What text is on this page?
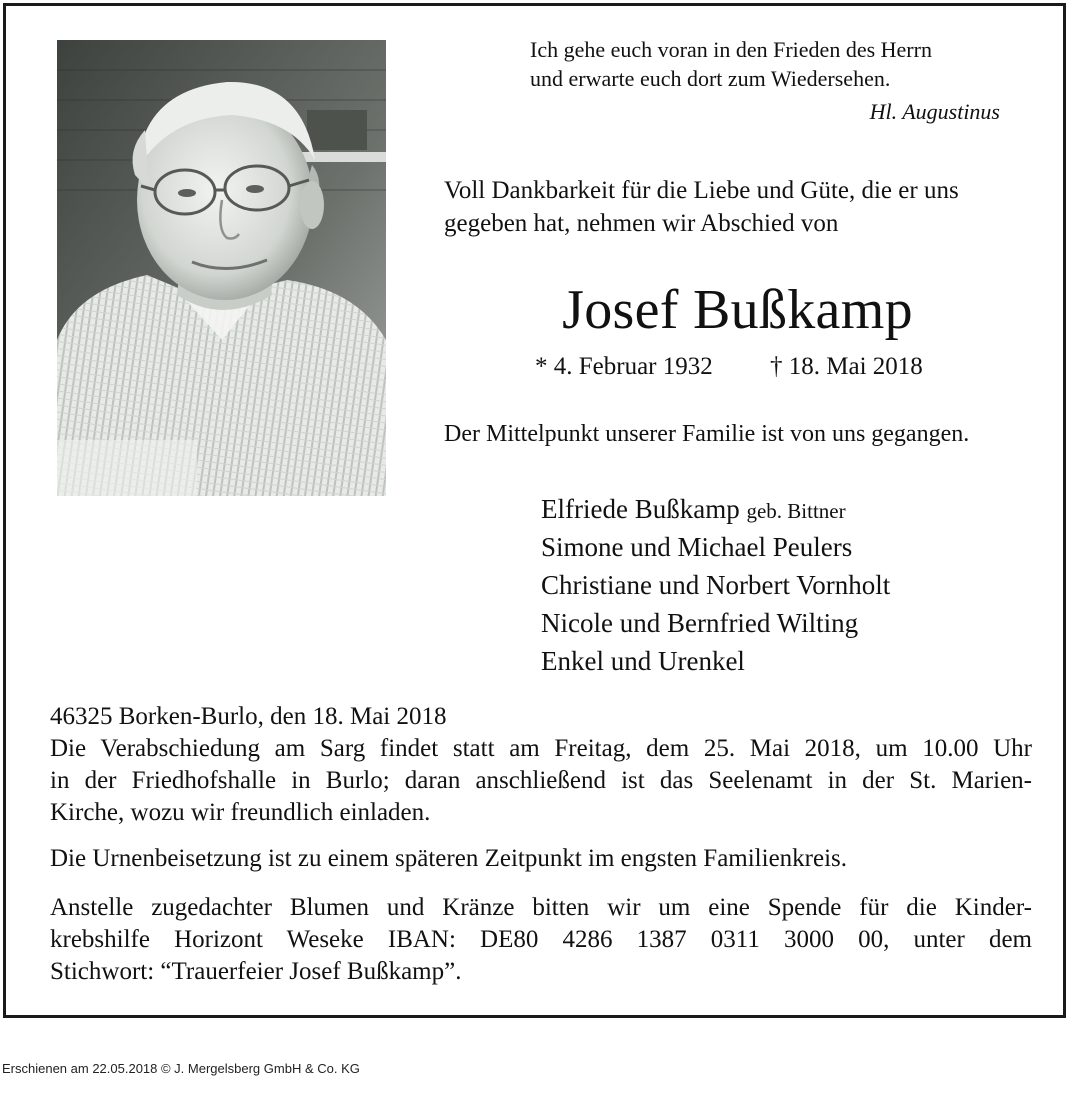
Ich gehe euch voran in den Frieden des Herrn
und erwarte euch dort zum Wiedersehen.
Hl. Augustinus
Voll Dankbarkeit für die Liebe und Güte, die er uns
gegeben hat, nehmen wir Abschied von
Josef Bußkamp
* 4. Februar 1932 † 18. Mai 2018
Der Mittelpunkt unserer Familie ist von uns gegangen.
Elfriede Bußkamp geb. Bittner
Simone und Michael Peulers
Christiane und Norbert Vornholt
Nicole und Bernfried Wilting
Enkel und Urenkel
46325 Borken-Burlo, den 18. Mai 2018
Die Verabschiedung am Sarg findet statt am Freitag, dem 25. Mai 2018, um 10.00 Uhr
in der Friedhofshalle in Burlo; daran anschließend ist das Seelenamt in der St. Marien-
Kirche, wozu wir freundlich einladen.
Die Urnenbeisetzung ist zu einem späteren Zeitpunkt im engsten Familienkreis.
Anstelle zugedachter Blumen und Kränze bitten wir um eine Spende für die Kinder-
krebshilfe Horizont Weseke IBAN: DE80 4286 1387 0311 3000 00, unter dem
Stichwort: “Trauerfeier Josef Bußkamp”.
Erschienen am 22.05.2018 © J. Mergelsberg GmbH & Co. KG
